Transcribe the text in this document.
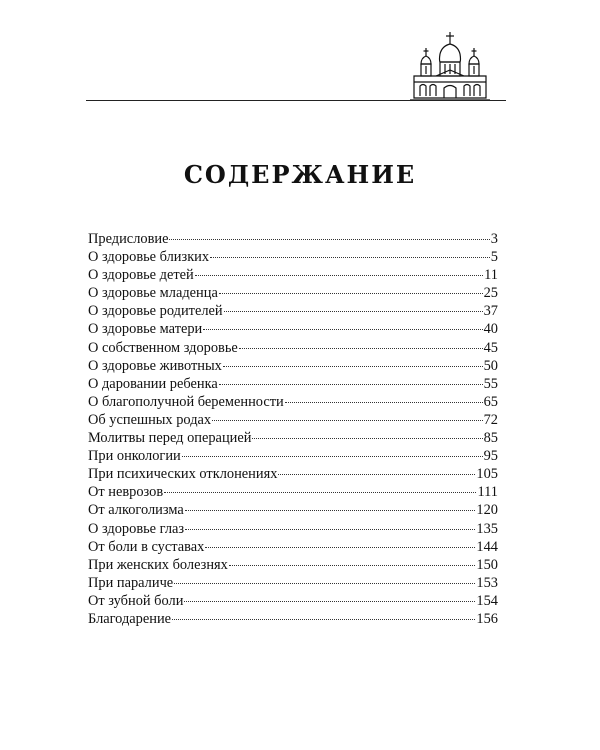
СОДЕРЖАНИЕ
Предисловие	3
О здоровье близких	5
О здоровье детей	11
О здоровье младенца	25
О здоровье родителей	37
О здоровье матери	40
О собственном здоровье	45
О здоровье животных	50
О даровании ребенка	55
О благополучной беременности	65
Об успешных родах	72
Молитвы перед операцией	85
При онкологии	95
При психических отклонениях	105
От неврозов	111
От алкоголизма	120
О здоровье глаз	135
От боли в суставах	144
При женских болезнях	150
При параличе	153
От зубной боли	154
Благодарение	156
